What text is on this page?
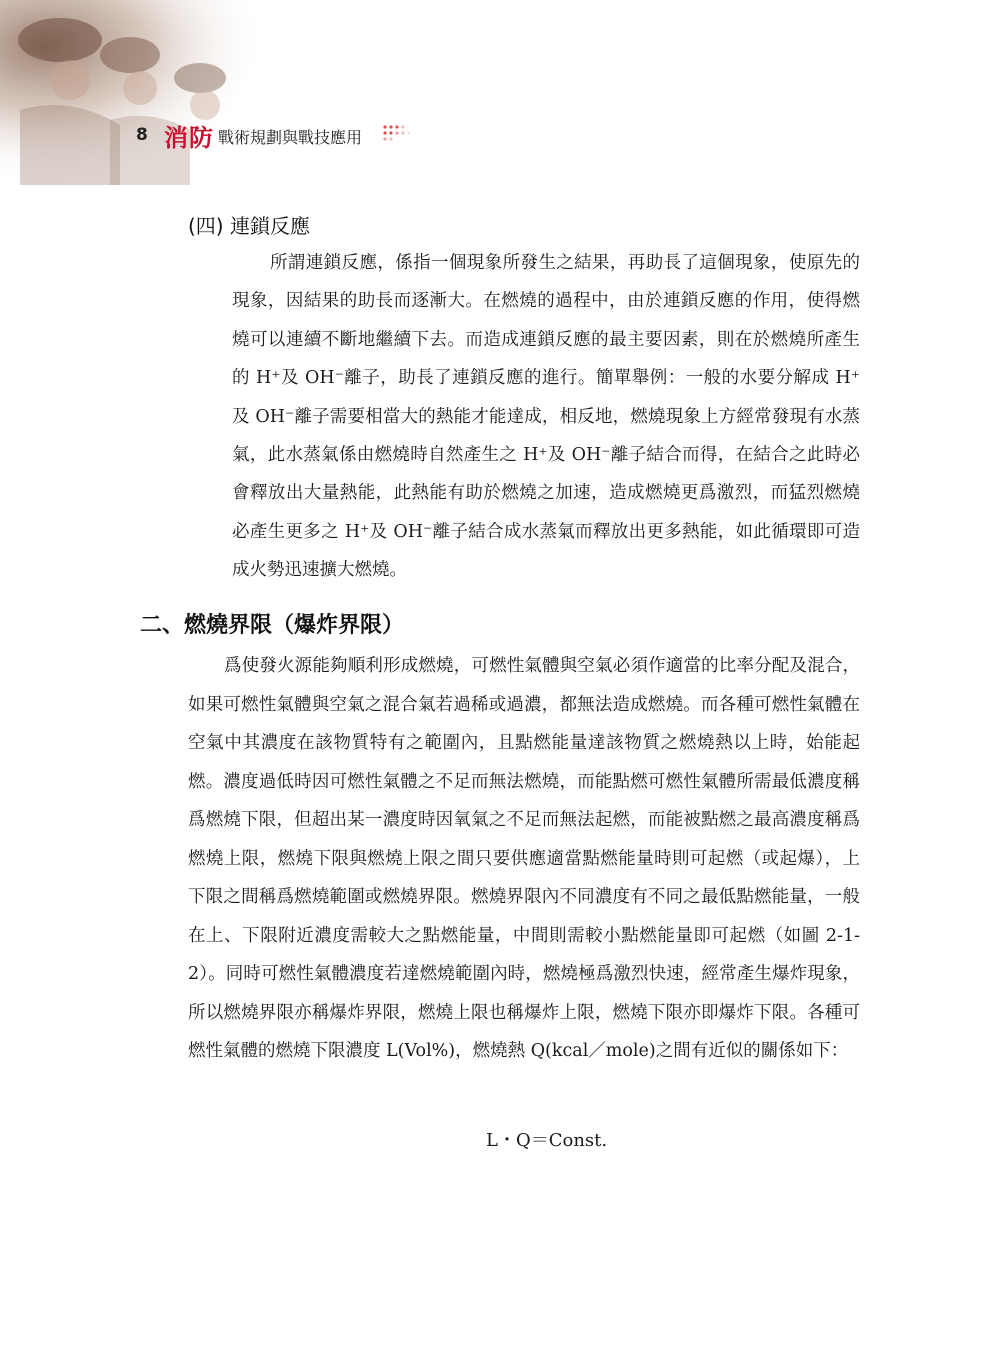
8 消防 戰術規劃與戰技應用
(四) 連鎖反應

所謂連鎖反應，係指一個現象所發生之結果，再助長了這個現象，使原先的現象，因結果的助長而逐漸大。在燃燒的過程中，由於連鎖反應的作用，使得燃燒可以連續不斷地繼續下去。而造成連鎖反應的最主要因素，則在於燃燒所產生的 H⁺及 OH⁻離子，助長了連鎖反應的進行。簡單舉例：一般的水要分解成 H⁺及 OH⁻離子需要相當大的熱能才能達成，相反地，燃燒現象上方經常發現有水蒸氣，此水蒸氣係由燃燒時自然產生之 H⁺及 OH⁻離子結合而得，在結合之此時必會釋放出大量熱能，此熱能有助於燃燒之加速，造成燃燒更爲激烈，而猛烈燃燒必產生更多之 H⁺及 OH⁻離子結合成水蒸氣而釋放出更多熱能，如此循環即可造成火勢迅速擴大燃燒。

二、燃燒界限（爆炸界限）

爲使發火源能夠順利形成燃燒，可燃性氣體與空氣必須作適當的比率分配及混合，如果可燃性氣體與空氣之混合氣若過稀或過濃，都無法造成燃燒。而各種可燃性氣體在空氣中其濃度在該物質特有之範圍內，且點燃能量達該物質之燃燒熱以上時，始能起燃。濃度過低時因可燃性氣體之不足而無法燃燒，而能點燃可燃性氣體所需最低濃度稱爲燃燒下限，但超出某一濃度時因氧氣之不足而無法起燃，而能被點燃之最高濃度稱爲燃燒上限，燃燒下限與燃燒上限之間只要供應適當點燃能量時則可起燃（或起爆），上下限之間稱爲燃燒範圍或燃燒界限。燃燒界限內不同濃度有不同之最低點燃能量，一般在上、下限附近濃度需較大之點燃能量，中間則需較小點燃能量即可起燃（如圖 2-1-2）。同時可燃性氣體濃度若達燃燒範圍內時，燃燒極爲激烈快速，經常產生爆炸現象，所以燃燒界限亦稱爆炸界限，燃燒上限也稱爆炸上限，燃燒下限亦即爆炸下限。各種可燃性氣體的燃燒下限濃度 L(Vol%)，燃燒熱 Q(kcal／mole)之間有近似的關係如下：

L・Q＝Const.
